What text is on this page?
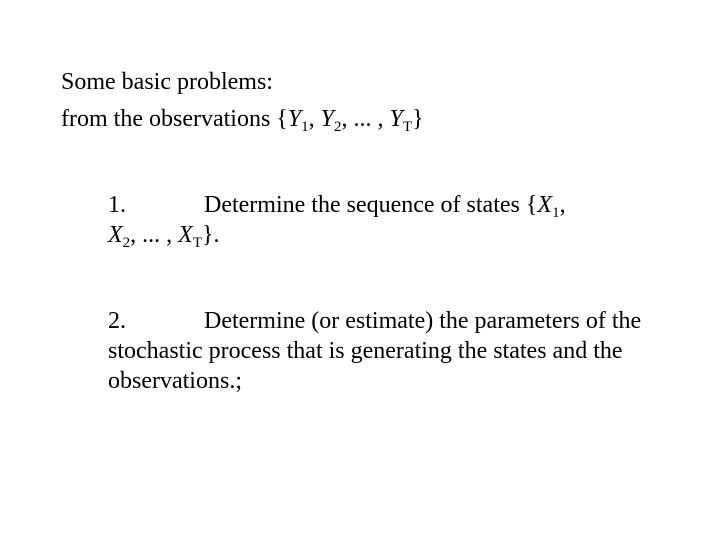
Some basic problems:
from the observations {$Y_1$, $Y_2$, ... , $Y_T$}
1.	Determine the sequence of states {$X_1$,
$X_2$, ... , $X_T$}.
2.	Determine (or estimate) the parameters of the stochastic process that is generating the states and the observations.;
